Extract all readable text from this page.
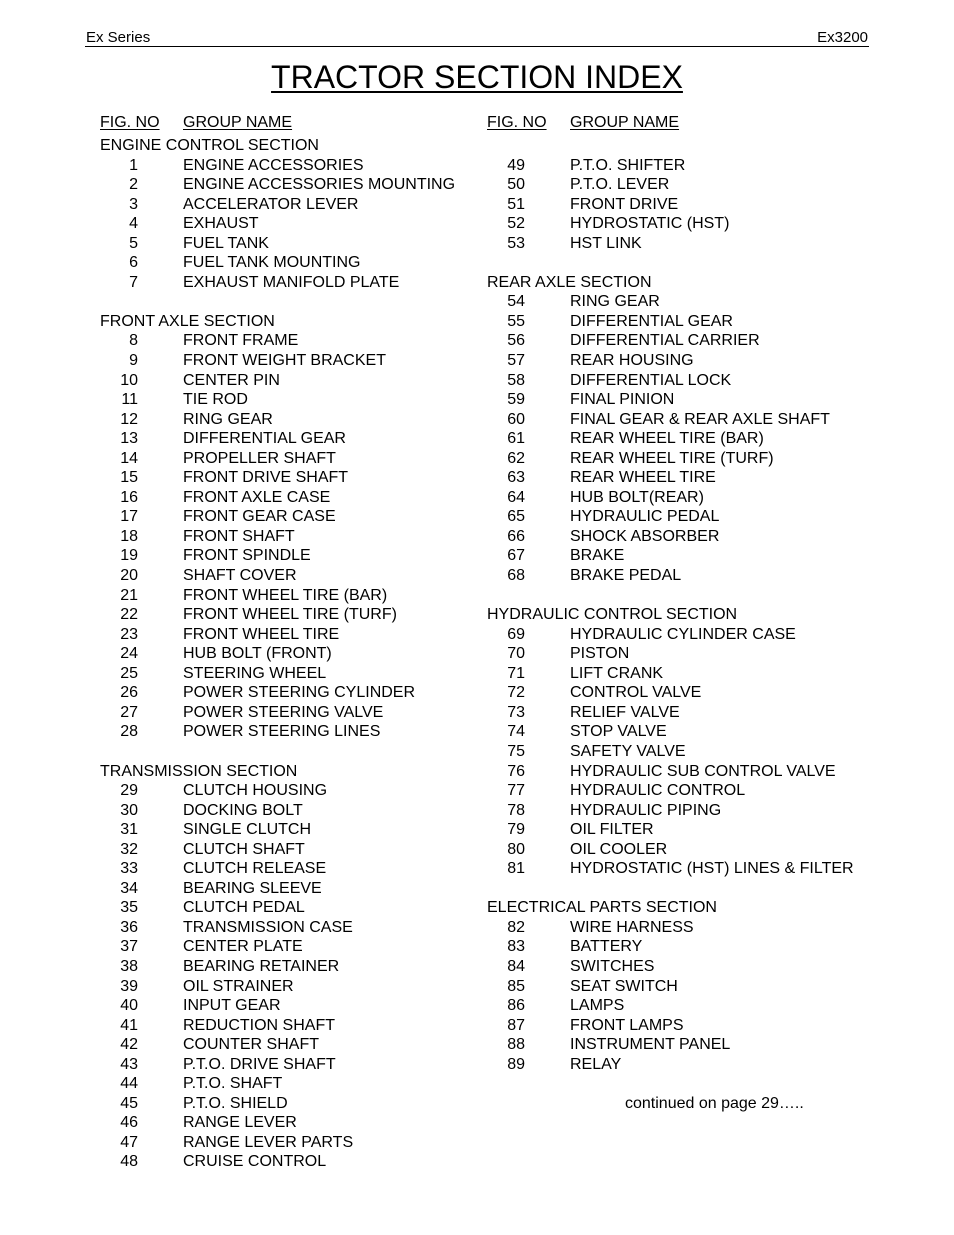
Ex Series	Ex3200
TRACTOR SECTION INDEX
FIG. NO GROUP NAME
ENGINE CONTROL SECTION
1	ENGINE ACCESSORIES
2	ENGINE ACCESSORIES MOUNTING
3	ACCELERATOR LEVER
4	EXHAUST
5	FUEL TANK
6	FUEL TANK MOUNTING
7	EXHAUST MANIFOLD PLATE
FRONT AXLE SECTION
8	FRONT FRAME
9	FRONT WEIGHT BRACKET
10	CENTER PIN
11	TIE ROD
12	RING GEAR
13	DIFFERENTIAL GEAR
14	PROPELLER SHAFT
15	FRONT DRIVE SHAFT
16	FRONT AXLE CASE
17	FRONT GEAR CASE
18	FRONT SHAFT
19	FRONT SPINDLE
20	SHAFT COVER
21	FRONT WHEEL TIRE (BAR)
22	FRONT WHEEL TIRE (TURF)
23	FRONT WHEEL TIRE
24	HUB BOLT (FRONT)
25	STEERING WHEEL
26	POWER STEERING CYLINDER
27	POWER STEERING VALVE
28	POWER STEERING LINES
TRANSMISSION SECTION
29	CLUTCH HOUSING
30	DOCKING BOLT
31	SINGLE CLUTCH
32	CLUTCH SHAFT
33	CLUTCH RELEASE
34	BEARING SLEEVE
35	CLUTCH PEDAL
36	TRANSMISSION CASE
37	CENTER PLATE
38	BEARING RETAINER
39	OIL STRAINER
40	INPUT GEAR
41	REDUCTION SHAFT
42	COUNTER SHAFT
43	P.T.O. DRIVE SHAFT
44	P.T.O. SHAFT
45	P.T.O. SHIELD
46	RANGE LEVER
47	RANGE LEVER PARTS
48	CRUISE CONTROL
FIG. NO GROUP NAME
49	P.T.O. SHIFTER
50	P.T.O. LEVER
51	FRONT DRIVE
52	HYDROSTATIC (HST)
53	HST LINK
REAR AXLE SECTION
54	RING GEAR
55	DIFFERENTIAL GEAR
56	DIFFERENTIAL CARRIER
57	REAR HOUSING
58	DIFFERENTIAL LOCK
59	FINAL PINION
60	FINAL GEAR & REAR AXLE SHAFT
61	REAR WHEEL TIRE (BAR)
62	REAR WHEEL TIRE (TURF)
63	REAR WHEEL TIRE
64	HUB BOLT(REAR)
65	HYDRAULIC PEDAL
66	SHOCK ABSORBER
67	BRAKE
68	BRAKE PEDAL
HYDRAULIC CONTROL SECTION
69	HYDRAULIC CYLINDER CASE
70	PISTON
71	LIFT CRANK
72	CONTROL VALVE
73	RELIEF VALVE
74	STOP VALVE
75	SAFETY VALVE
76	HYDRAULIC SUB CONTROL VALVE
77	HYDRAULIC CONTROL
78	HYDRAULIC PIPING
79	OIL FILTER
80	OIL COOLER
81	HYDROSTATIC (HST) LINES & FILTER
ELECTRICAL PARTS SECTION
82	WIRE HARNESS
83	BATTERY
84	SWITCHES
85	SEAT SWITCH
86	LAMPS
87	FRONT LAMPS
88	INSTRUMENT PANEL
89	RELAY
continued on page 29…..
